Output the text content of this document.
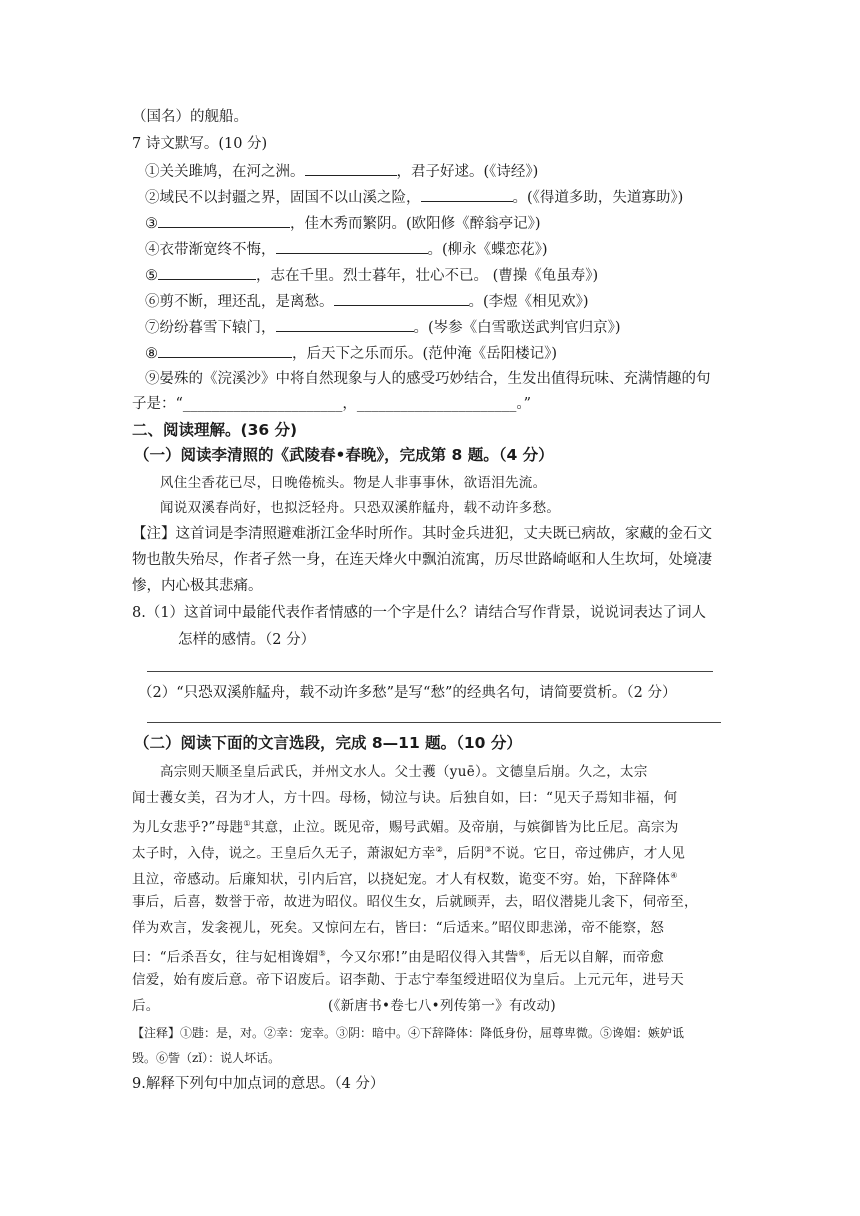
（国名）的舰船。
7 诗文默写。(10 分)
①关关雎鸠，在河之洲。	，君子好逑。(《诗经》)
②域民不以封疆之界，固国不以山溪之险，	。(《得道多助，失道寡助》)
③	，佳木秀而繁阴。(欧阳修《醉翁亭记》)
④衣带渐宽终不悔，	。(柳永《蝶恋花》)
⑤	，志在千里。烈士暮年，壮心不已。 (曹操《龟虽寿》)
⑥剪不断，理还乱，是离愁。	。(李煜《相见欢》)
⑦纷纷暮雪下辕门，	。(岑参《白雪歌送武判官归京》)
⑧	，后天下之乐而乐。(范仲淹《岳阳楼记》)
⑨晏殊的《浣溪沙》中将自然现象与人的感受巧妙结合，生发出值得玩味、充满情趣的句
子是：“______________________，______________________。”
二、阅读理解。(36 分)
（一）阅读李清照的《武陵春•春晚》，完成第 8 题。（4 分）
风住尘香花已尽，日晚倦梳头。物是人非事事休，欲语泪先流。
闻说双溪春尚好，也拟泛轻舟。只恐双溪舴艋舟，载不动许多愁。
【注】这首词是李清照避难浙江金华时所作。其时金兵进犯，丈夫既已病故，家藏的金石文
物也散失殆尽，作者孑然一身，在连天烽火中飘泊流寓，历尽世路崎岖和人生坎坷，处境凄
惨，内心极其悲痛。
8.（1）这首词中最能代表作者情感的一个字是什么？请结合写作背景，说说词表达了词人
怎样的感情。（2 分）
（2）“只恐双溪舴艋舟，载不动许多愁”是写“愁”的经典名句，请简要赏析。（2 分）
（二）阅读下面的文言选段，完成 8—11 题。（10 分）
高宗则天顺圣皇后武氏，并州文水人。父士彟（yuē）。文德皇后崩。久之，太宗
闻士彟女美，召为才人，方十四。母杨，恸泣与诀。后独自如，曰：“见天子焉知非福，何
为儿女悲乎?”母韪①其意，止泣。既见帝，赐号武媚。及帝崩，与嫔御皆为比丘尼。高宗为
太子时，入侍，说之。王皇后久无子，萧淑妃方幸②，后阴③不说。它日，帝过佛庐，才人见
且泣，帝感动。后廉知状，引内后宫，以挠妃宠。才人有权数，诡变不穷。始，下辞降体④
事后，后喜，数誉于帝，故进为昭仪。昭仪生女，后就顾弄，去，昭仪潜毙儿衾下，伺帝至，
佯为欢言，发衾视儿，死矣。又惊问左右，皆曰：“后适来。”昭仪即悲涕，帝不能察，怒
曰：“后杀吾女，往与妃相谗媢⑤，今又尔邪!”由是昭仪得入其訾⑥，后无以自解，而帝愈
信爱，始有废后意。帝下诏废后。诏李勣、于志宁奉玺绶进昭仪为皇后。上元元年，进号天
后。	(《新唐书•卷七八•列传第一》有改动)
【注释】①韪：是，对。②幸：宠幸。③阴：暗中。④下辞降体：降低身份，屈尊卑微。⑤谗媢：嫉妒诋
毁。⑥訾（zǐ）：说人坏话。
9.解释下列句中加点词的意思。（4 分）
